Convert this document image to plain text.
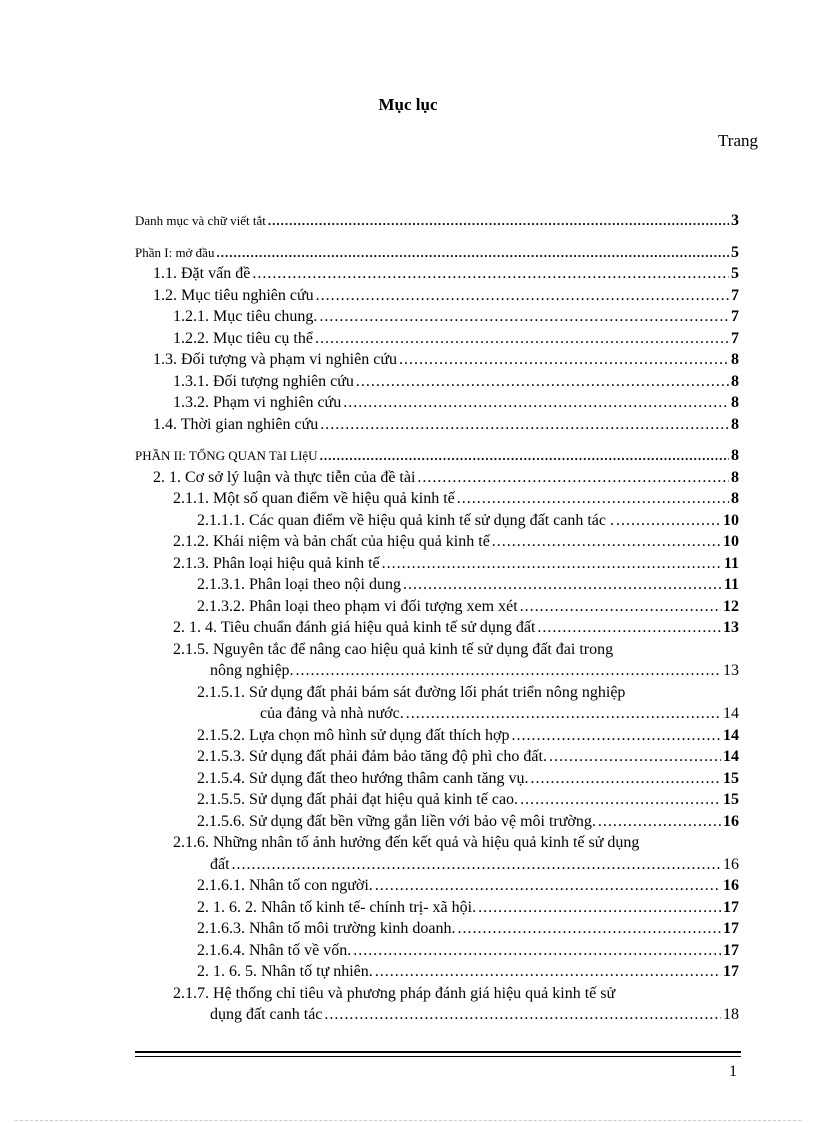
Mục lục
Trang
Danh mục và chữ viết tắt .....	3
Phần I: mở đầu .....	5
1.1. Đặt vấn đề .....	5
1.2. Mục tiêu nghiên cứu .....	7
1.2.1. Mục tiêu chung. .....	7
1.2.2. Mục tiêu cụ thể .....	7
1.3. Đối tượng và phạm vi nghiên cứu .....	8
1.3.1. Đối tượng nghiên cứu .....	8
1.3.2. Phạm vi nghiên cứu .....	8
1.4. Thời gian nghiên cứu .....	8
PHẦN II: TỔNG QUAN TàI LIệU .....	8
2. 1. Cơ sở lý luận và thực tiễn của đề tài .....	8
2.1.1. Một số quan điểm về hiệu quả kinh tế .....	8
2.1.1.1. Các quan điểm về hiệu quả kinh tế sử dụng đất canh tác . .....	10
2.1.2. Khái niệm và bản chất của hiệu quả kinh tế .....	10
2.1.3. Phân loại hiệu quả kinh tế .....	11
2.1.3.1. Phân loại theo nội dung .....	11
2.1.3.2. Phân loại theo phạm vi đối tượng xem xét .....	12
2. 1. 4. Tiêu chuẩn đánh giá hiệu quả kinh tế sử dụng đất .....	13
2.1.5. Nguyên tắc để nâng cao hiệu quả kinh tế sử dụng đất đai trong
nông nghiệp. .....	13
2.1.5.1. Sử dụng đất phải bám sát đường lối phát triển nông nghiệp
của đảng và nhà nước. .....	14
2.1.5.2. Lựa chọn mô hình sử dụng đất thích hợp .....	14
2.1.5.3. Sử dụng đất phải đảm bảo tăng độ phì cho đất. .....	14
2.1.5.4. Sử dụng đất theo hướng thâm canh tăng vụ. .....	15
2.1.5.5. Sử dụng đất phải đạt hiệu quả kinh tế cao. .....	15
2.1.5.6. Sử dụng đất bền vững gắn liền với bảo vệ môi trường. .....	16
2.1.6. Những nhân tố ảnh hưởng đến kết quả và hiệu quả kinh tế sử dụng
đất .....	16
2.1.6.1. Nhân tố con người. .....	16
2. 1. 6. 2. Nhân tố kinh tế- chính trị- xã hội. .....	17
2.1.6.3. Nhân tố môi trường kinh doanh. .....	17
2.1.6.4. Nhân tố về vốn. .....	17
2. 1. 6. 5. Nhân tố tự nhiên. .....	17
2.1.7. Hệ thống chỉ tiêu và phương pháp đánh giá hiệu quả kinh tế sử
dụng đất canh tác .....	18
1
